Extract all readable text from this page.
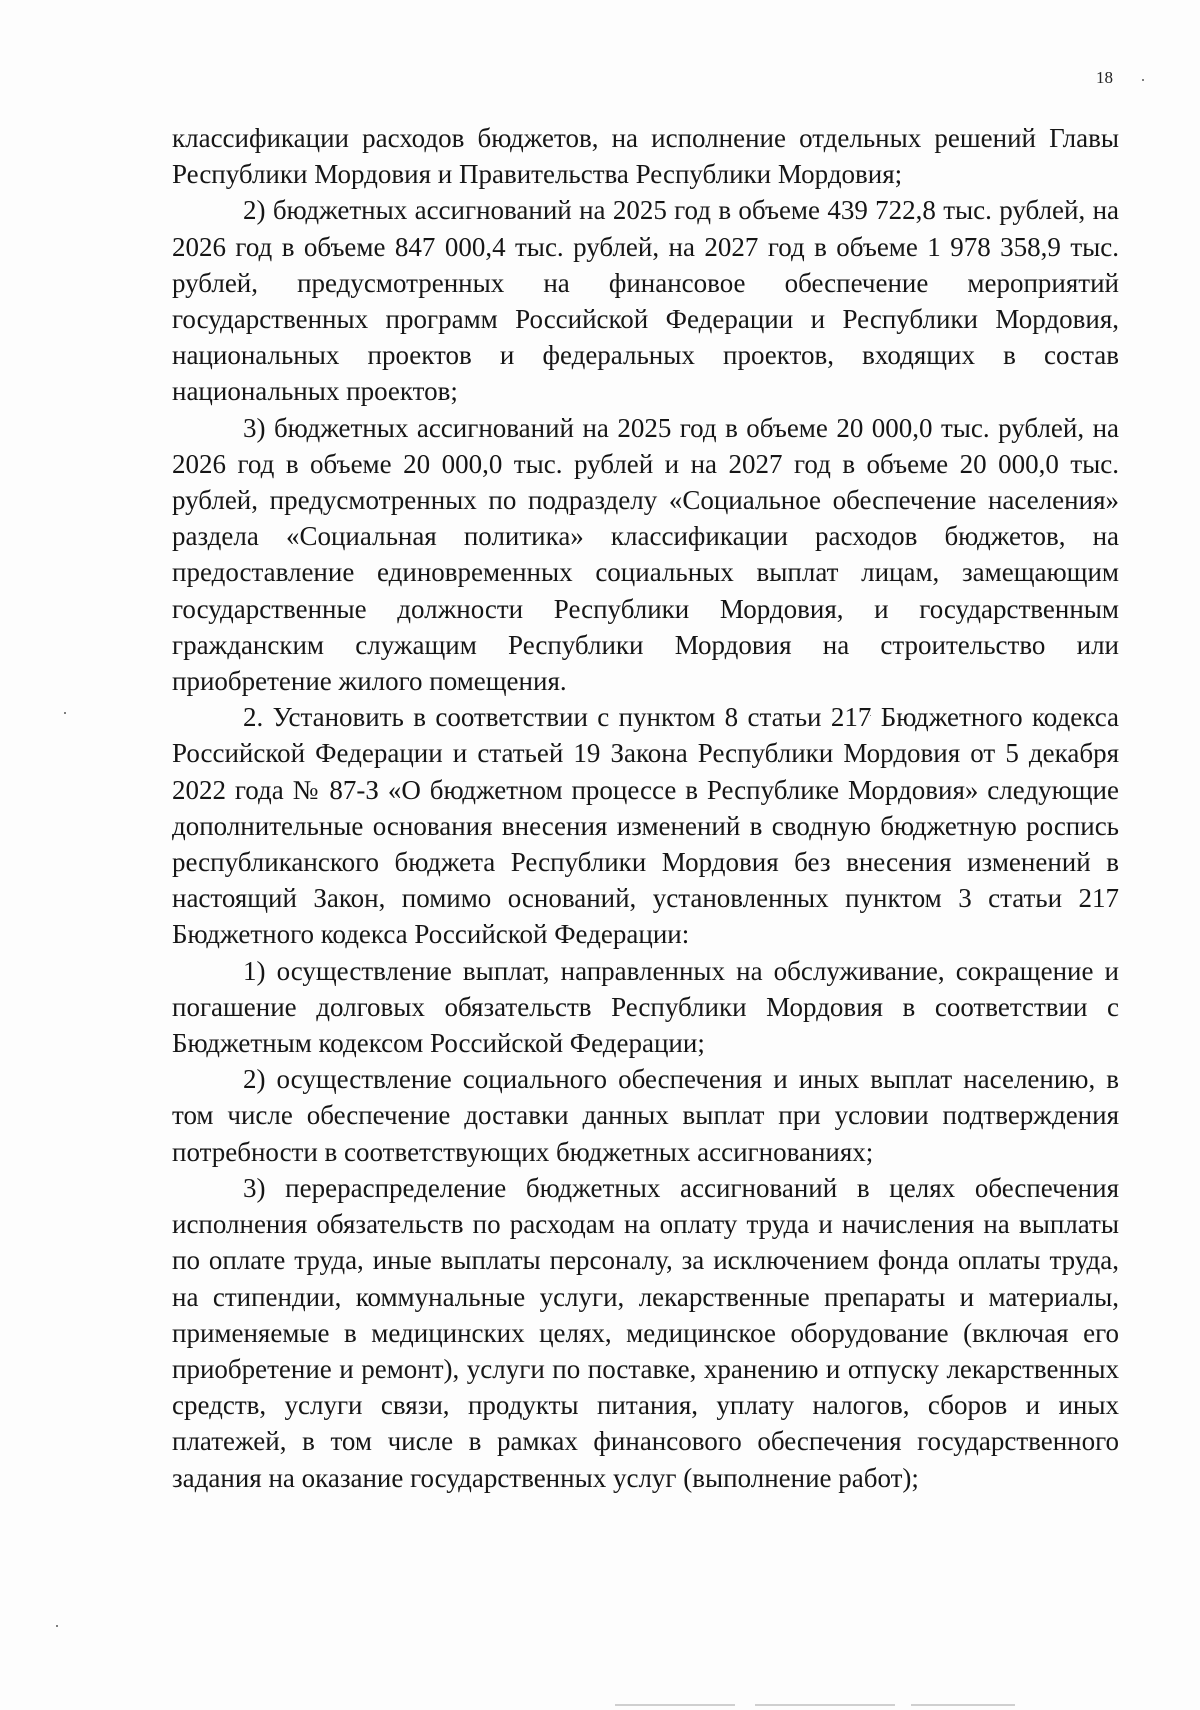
18

классификации расходов бюджетов, на исполнение отдельных решений Главы Республики Мордовия и Правительства Республики Мордовия;

2) бюджетных ассигнований на 2025 год в объеме 439 722,8 тыс. рублей, на 2026 год в объеме 847 000,4 тыс. рублей, на 2027 год в объеме 1 978 358,9 тыс. рублей, предусмотренных на финансовое обеспечение мероприятий государственных программ Российской Федерации и Республики Мордовия, национальных проектов и федеральных проектов, входящих в состав национальных проектов;

3) бюджетных ассигнований на 2025 год в объеме 20 000,0 тыс. рублей, на 2026 год в объеме 20 000,0 тыс. рублей и на 2027 год в объеме 20 000,0 тыс. рублей, предусмотренных по подразделу «Социальное обеспечение населения» раздела «Социальная политика» классификации расходов бюджетов, на предоставление единовременных социальных выплат лицам, замещающим государственные должности Республики Мордовия, и государственным гражданским служащим Республики Мордовия на строительство или приобретение жилого помещения.

2. Установить в соответствии с пунктом 8 статьи 217 Бюджетного кодекса Российской Федерации и статьей 19 Закона Республики Мордовия от 5 декабря 2022 года № 87-З «О бюджетном процессе в Республике Мордовия» следующие дополнительные основания внесения изменений в сводную бюджетную роспись республиканского бюджета Республики Мордовия без внесения изменений в настоящий Закон, помимо оснований, установленных пунктом 3 статьи 217 Бюджетного кодекса Российской Федерации:

1) осуществление выплат, направленных на обслуживание, сокращение и погашение долговых обязательств Республики Мордовия в соответствии с Бюджетным кодексом Российской Федерации;

2) осуществление социального обеспечения и иных выплат населению, в том числе обеспечение доставки данных выплат при условии подтверждения потребности в соответствующих бюджетных ассигнованиях;

3) перераспределение бюджетных ассигнований в целях обеспечения исполнения обязательств по расходам на оплату труда и начисления на выплаты по оплате труда, иные выплаты персоналу, за исключением фонда оплаты труда, на стипендии, коммунальные услуги, лекарственные препараты и материалы, применяемые в медицинских целях, медицинское оборудование (включая его приобретение и ремонт), услуги по поставке, хранению и отпуску лекарственных средств, услуги связи, продукты питания, уплату налогов, сборов и иных платежей, в том числе в рамках финансового обеспечения государственного задания на оказание государственных услуг (выполнение работ);
